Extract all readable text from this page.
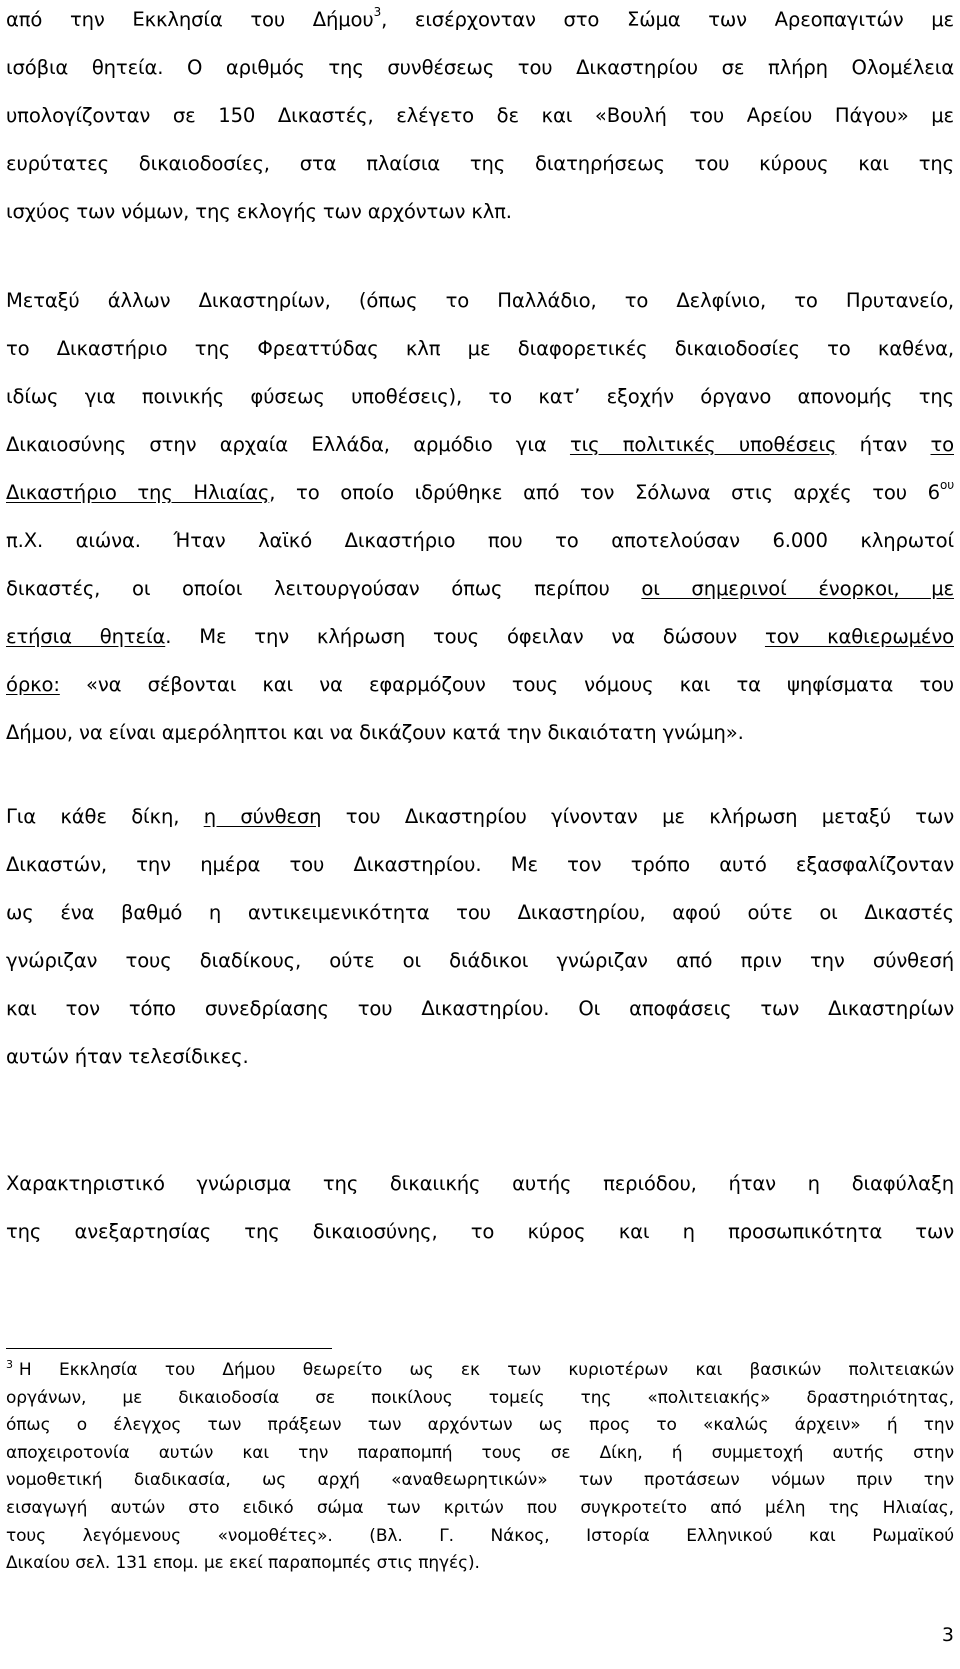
από την Εκκλησία του Δήμου$^3$, εισέρχονταν στο Σώμα των Αρεοπαγιτών με
ισόβια θητεία. Ο αριθμός της συνθέσεως του Δικαστηρίου σε πλήρη Ολομέλεια
υπολογίζονταν σε 150 Δικαστές, ελέγετο δε και «Βουλή του Αρείου Πάγου» με
ευρύτατες δικαιοδοσίες, στα πλαίσια της διατηρήσεως του κύρους και της
ισχύος των νόμων, της εκλογής των αρχόντων κλπ.
Μεταξύ άλλων Δικαστηρίων, (όπως το Παλλάδιο, το Δελφίνιο, το Πρυτανείο,
το Δικαστήριο της Φρεαττύδας κλπ με διαφορετικές δικαιοδοσίες το καθένα,
ιδίως για ποινικής φύσεως υποθέσεις), το κατ’ εξοχήν όργανο απονομής της
Δικαιοσύνης στην αρχαία Ελλάδα, αρμόδιο για τις πολιτικές υποθέσεις ήταν το
Δικαστήριο της Ηλιαίας, το οποίο ιδρύθηκε από τον Σόλωνα στις αρχές του $6^{o\upsilon}$
π.Χ. αιώνα. Ήταν λαϊκό Δικαστήριο που το αποτελούσαν 6.000 κληρωτοί
δικαστές, οι οποίοι λειτουργούσαν όπως περίπου οι σημερινοί ένορκοι, με
ετήσια θητεία. Με την κλήρωση τους όφειλαν να δώσουν τον καθιερωμένο
όρκο: «να σέβονται και να εφαρμόζουν τους νόμους και τα ψηφίσματα του
Δήμου, να είναι αμερόληπτοι και να δικάζουν κατά την δικαιότατη γνώμη».
Για κάθε δίκη, η σύνθεση του Δικαστηρίου γίνονταν με κλήρωση μεταξύ των
Δικαστών, την ημέρα του Δικαστηρίου. Με τον τρόπο αυτό εξασφαλίζονταν
ως ένα βαθμό η αντικειμενικότητα του Δικαστηρίου, αφού ούτε οι Δικαστές
γνώριζαν τους διαδίκους, ούτε οι διάδικοι γνώριζαν από πριν την σύνθεσή
και τον τόπο συνεδρίασης του Δικαστηρίου. Οι αποφάσεις των Δικαστηρίων
αυτών ήταν τελεσίδικες.
Χαρακτηριστικό γνώρισμα της δικαιικής αυτής περιόδου, ήταν η διαφύλαξη
της ανεξαρτησίας της δικαιοσύνης, το κύρος και η προσωπικότητα των
$^3$ Η Εκκλησία του Δήμου θεωρείτο ως εκ των κυριοτέρων και βασικών πολιτειακών
οργάνων, με δικαιοδοσία σε ποικίλους τομείς της «πολιτειακής» δραστηριότητας,
όπως ο έλεγχος των πράξεων των αρχόντων ως προς το «καλώς άρχειν» ή την
αποχειροτονία αυτών και την παραπομπή τους σε Δίκη, ή συμμετοχή αυτής στην
νομοθετική διαδικασία, ως αρχή «αναθεωρητικών» των προτάσεων νόμων πριν την
εισαγωγή αυτών στο ειδικό σώμα των κριτών που συγκροτείτο από μέλη της Ηλιαίας,
τους λεγόμενους «νομοθέτες». (Βλ. Γ. Νάκος, Ιστορία Ελληνικού και Ρωμαϊκού
Δικαίου σελ. 131 επομ. με εκεί παραπομπές στις πηγές).
3
